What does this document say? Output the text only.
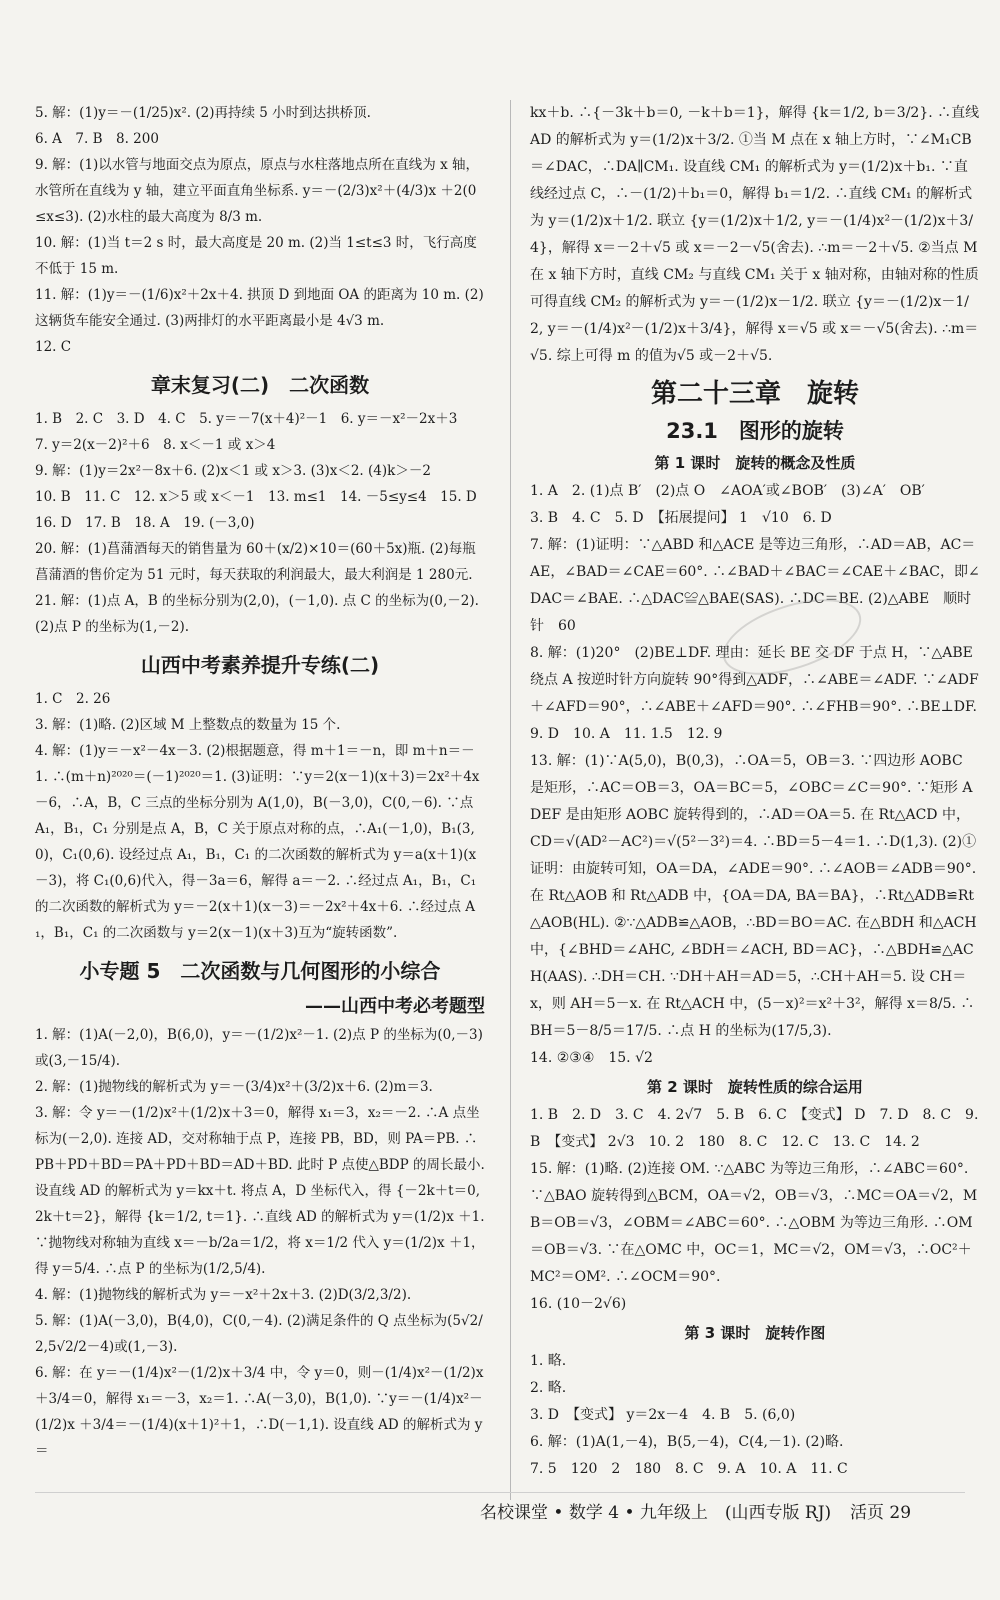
5. 解：(1)y＝－(1/25)x². (2)再持续 5 小时到达拱桥顶.
6. A　7. B　8. 200
9. 解：(1)以水管与地面交点为原点，原点与水柱落地点所在直线为 x 轴，水管所在直线为 y 轴，建立平面直角坐标系. y＝－(2/3)x²＋(4/3)x ＋2(0≤x≤3). (2)水柱的最大高度为 8/3 m.
10. 解：(1)当 t＝2 s 时，最大高度是 20 m. (2)当 1≤t≤3 时，飞行高度不低于 15 m.
11. 解：(1)y＝－(1/6)x²＋2x＋4. 拱顶 D 到地面 OA 的距离为 10 m. (2)这辆货车能安全通过. (3)两排灯的水平距离最小是 4√3 m.
12. C
章末复习(二)　二次函数
1. B　2. C　3. D　4. C　5. y＝－7(x＋4)²－1　6. y＝－x²－2x＋3
7. y＝2(x－2)²＋6　8. x＜－1 或 x＞4
9. 解：(1)y＝2x²－8x＋6. (2)x＜1 或 x＞3. (3)x＜2. (4)k＞－2
10. B　11. C　12. x＞5 或 x＜－1　13. m≤1　14. －5≤y≤4　15. D
16. D　17. B　18. A　19. (－3,0)
20. 解：(1)菖蒲酒每天的销售量为 60＋(x/2)×10＝(60＋5x)瓶. (2)每瓶菖蒲酒的售价定为 51 元时，每天获取的利润最大，最大利润是 1 280元.
21. 解：(1)点 A，B 的坐标分别为(2,0)，(－1,0). 点 C 的坐标为(0,－2). (2)点 P 的坐标为(1,－2).
山西中考素养提升专练(二)
1. C　2. 26
3. 解：(1)略. (2)区域 M 上整数点的数量为 15 个.
4. 解：(1)y＝－x²－4x－3. (2)根据题意，得 m＋1＝－n，即 m＋n＝－1. ∴(m＋n)²⁰²⁰＝(－1)²⁰²⁰＝1. (3)证明：∵y＝2(x－1)(x＋3)＝2x²＋4x－6，∴A，B，C 三点的坐标分别为 A(1,0)，B(－3,0)，C(0,－6). ∵点 A₁，B₁，C₁ 分别是点 A，B，C 关于原点对称的点，∴A₁(－1,0)，B₁(3,0)，C₁(0,6). 设经过点 A₁，B₁，C₁ 的二次函数的解析式为 y＝a(x＋1)(x－3)，将 C₁(0,6)代入，得－3a＝6，解得 a＝－2. ∴经过点 A₁，B₁，C₁ 的二次函数的解析式为 y＝－2(x＋1)(x－3)＝－2x²＋4x＋6. ∴经过点 A₁，B₁，C₁ 的二次函数与 y＝2(x－1)(x＋3)互为“旋转函数”.
小专题 5　二次函数与几何图形的小综合
——山西中考必考题型
1. 解：(1)A(－2,0)，B(6,0)，y＝－(1/2)x²－1. (2)点 P 的坐标为(0,－3)或(3,－15/4).
2. 解：(1)抛物线的解析式为 y＝－(3/4)x²＋(3/2)x＋6. (2)m＝3.
3. 解：令 y＝－(1/2)x²＋(1/2)x＋3＝0，解得 x₁＝3，x₂＝－2. ∴A 点坐标为(－2,0). 连接 AD，交对称轴于点 P，连接 PB，BD，则 PA＝PB. ∴PB＋PD＋BD＝PA＋PD＋BD＝AD＋BD. 此时 P 点使△BDP 的周长最小. 设直线 AD 的解析式为 y＝kx＋t. 将点 A，D 坐标代入，得 {－2k＋t＝0, 2k＋t＝2}，解得 {k＝1/2, t＝1}. ∴直线 AD 的解析式为 y＝(1/2)x ＋1. ∵抛物线对称轴为直线 x＝－b/2a＝1/2，将 x＝1/2 代入 y＝(1/2)x ＋1，得 y＝5/4. ∴点 P 的坐标为(1/2,5/4).
4. 解：(1)抛物线的解析式为 y＝－x²＋2x＋3. (2)D(3/2,3/2).
5. 解：(1)A(－3,0)，B(4,0)，C(0,－4). (2)满足条件的 Q 点坐标为(5√2/2,5√2/2－4)或(1,－3).
6. 解：在 y＝－(1/4)x²－(1/2)x＋3/4 中，令 y＝0，则－(1/4)x²－(1/2)x＋3/4＝0，解得 x₁＝－3，x₂＝1. ∴A(－3,0)，B(1,0). ∵y＝－(1/4)x²－(1/2)x ＋3/4＝－(1/4)(x＋1)²＋1，∴D(－1,1). 设直线 AD 的解析式为 y＝
kx＋b. ∴{－3k＋b＝0, －k＋b＝1}，解得 {k＝1/2, b＝3/2}. ∴直线 AD 的解析式为 y＝(1/2)x＋3/2. ①当 M 点在 x 轴上方时，∵∠M₁CB＝∠DAC，∴DA∥CM₁. 设直线 CM₁ 的解析式为 y＝(1/2)x＋b₁. ∵直线经过点 C，∴－(1/2)＋b₁＝0，解得 b₁＝1/2. ∴直线 CM₁ 的解析式为 y＝(1/2)x＋1/2. 联立 {y＝(1/2)x＋1/2, y＝－(1/4)x²－(1/2)x＋3/4}，解得 x＝－2＋√5 或 x＝－2－√5(舍去). ∴m＝－2＋√5. ②当点 M 在 x 轴下方时，直线 CM₂ 与直线 CM₁ 关于 x 轴对称，由轴对称的性质可得直线 CM₂ 的解析式为 y＝－(1/2)x－1/2. 联立 {y＝－(1/2)x－1/2, y＝－(1/4)x²－(1/2)x＋3/4}，解得 x＝√5 或 x＝－√5(舍去). ∴m＝√5. 综上可得 m 的值为√5 或－2＋√5.
第二十三章　旋转
23.1　图形的旋转
第 1 课时　旋转的概念及性质
1. A　2. (1)点 B′　(2)点 O　∠AOA′或∠BOB′　(3)∠A′　OB′
3. B　4. C　5. D　【拓展提问】 1　√10　6. D
7. 解：(1)证明：∵△ABD 和△ACE 是等边三角形，∴AD＝AB，AC＝AE，∠BAD＝∠CAE＝60°. ∴∠BAD＋∠BAC＝∠CAE＋∠BAC，即∠DAC＝∠BAE. ∴△DAC≌△BAE(SAS). ∴DC＝BE. (2)△ABE　顺时针　60
8. 解：(1)20°　(2)BE⊥DF. 理由：延长 BE 交 DF 于点 H，∵△ABE 绕点 A 按逆时针方向旋转 90°得到△ADF，∴∠ABE＝∠ADF. ∵∠ADF＋∠AFD＝90°，∴∠ABE＋∠AFD＝90°. ∴∠FHB＝90°. ∴BE⊥DF.
9. D　10. A　11. 1.5　12. 9
13. 解：(1)∵A(5,0)，B(0,3)，∴OA＝5，OB＝3. ∵四边形 AOBC 是矩形，∴AC＝OB＝3，OA＝BC＝5，∠OBC＝∠C＝90°. ∵矩形 ADEF 是由矩形 AOBC 旋转得到的，∴AD＝OA＝5. 在 Rt△ACD 中，CD＝√(AD²－AC²)＝√(5²－3²)＝4. ∴BD＝5－4＝1. ∴D(1,3). (2)①证明：由旋转可知，OA＝DA，∠ADE＝90°. ∴∠AOB＝∠ADB＝90°. 在 Rt△AOB 和 Rt△ADB 中，{OA＝DA, BA＝BA}，∴Rt△ADB≌Rt△AOB(HL). ②∵△ADB≌△AOB，∴BD＝BO＝AC. 在△BDH 和△ACH 中，{∠BHD＝∠AHC, ∠BDH＝∠ACH, BD＝AC}，∴△BDH≌△ACH(AAS). ∴DH＝CH. ∵DH＋AH＝AD＝5，∴CH＋AH＝5. 设 CH＝x，则 AH＝5－x. 在 Rt△ACH 中，(5－x)²＝x²＋3²，解得 x＝8/5. ∴BH＝5－8/5＝17/5. ∴点 H 的坐标为(17/5,3).
14. ②③④　15. √2
第 2 课时　旋转性质的综合运用
1. B　2. D　3. C　4. 2√7　5. B　6. C　【变式】 D　7. D　8. C　9. B　【变式】 2√3　10. 2　180　8. C　12. C　13. C　14. 2
15. 解：(1)略. (2)连接 OM. ∵△ABC 为等边三角形，∴∠ABC＝60°. ∵△BAO 旋转得到△BCM，OA＝√2，OB＝√3，∴MC＝OA＝√2，MB＝OB＝√3，∠OBM＝∠ABC＝60°. ∴△OBM 为等边三角形. ∴OM＝OB＝√3. ∵在△OMC 中，OC＝1，MC＝√2，OM＝√3，∴OC²＋MC²＝OM². ∴∠OCM＝90°.
16. (10－2√6)
第 3 课时　旋转作图
1. 略.
2. 略.
3. D　【变式】 y＝2x－4　4. B　5. (6,0)
6. 解：(1)A(1,－4)，B(5,－4)，C(4,－1). (2)略.
7. 5　120　2　180　8. C　9. A　10. A　11. C
名校课堂 • 数学 4 • 九年级上　(山西专版 RJ) 活页 29
